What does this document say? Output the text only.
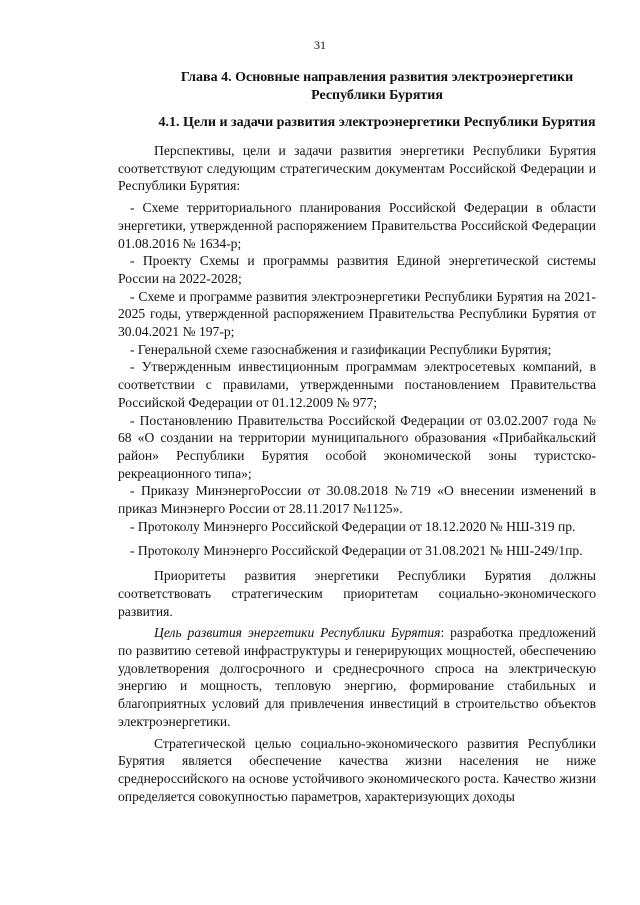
31
Глава 4. Основные направления развития электроэнергетики Республики Бурятия
4.1. Цели и задачи развития электроэнергетики Республики Бурятия

Перспективы, цели и задачи развития энергетики Республики Бурятия соответствуют следующим стратегическим документам Российской Федерации и Республики Бурятия:

- Схеме территориального планирования Российской Федерации в области энергетики, утвержденной распоряжением Правительства Российской Федерации 01.08.2016 № 1634-р;

- Проекту Схемы и программы развития Единой энергетической системы России на 2022-2028;

- Схеме и программе развития электроэнергетики Республики Бурятия на 2021-2025 годы, утвержденной распоряжением Правительства Республики Бурятия от 30.04.2021 № 197-р;

- Генеральной схеме газоснабжения и газификации Республики Бурятия;

- Утвержденным инвестиционным программам электросетевых компаний, в соответствии с правилами, утвержденными постановлением Правительства Российской Федерации от 01.12.2009 № 977;

- Постановлению Правительства Российской Федерации от 03.02.2007 года № 68 «О создании на территории муниципального образования «Прибайкальский район» Республики Бурятия особой экономической зоны туристско-рекреационного типа»;

- Приказу МинэнергоРоссии от 30.08.2018 №719 «О внесении изменений в приказ Минэнерго России от 28.11.2017 №1125».

- Протоколу Минэнерго Российской Федерации от 18.12.2020 № НШ-319 пр.

- Протоколу Минэнерго Российской Федерации от 31.08.2021 № НШ-249/1пр.

Приоритеты развития энергетики Республики Бурятия должны соответствовать стратегическим приоритетам социально-экономического развития.

Цель развития энергетики Республики Бурятия: разработка предложений по развитию сетевой инфраструктуры и генерирующих мощностей, обеспечению удовлетворения долгосрочного и среднесрочного спроса на электрическую энергию и мощность, тепловую энергию, формирование стабильных и благоприятных условий для привлечения инвестиций в строительство объектов электроэнергетики.

Стратегической целью социально-экономического развития Республики Бурятия является обеспечение качества жизни населения не ниже среднероссийского на основе устойчивого экономического роста. Качество жизни определяется совокупностью параметров, характеризующих доходы
